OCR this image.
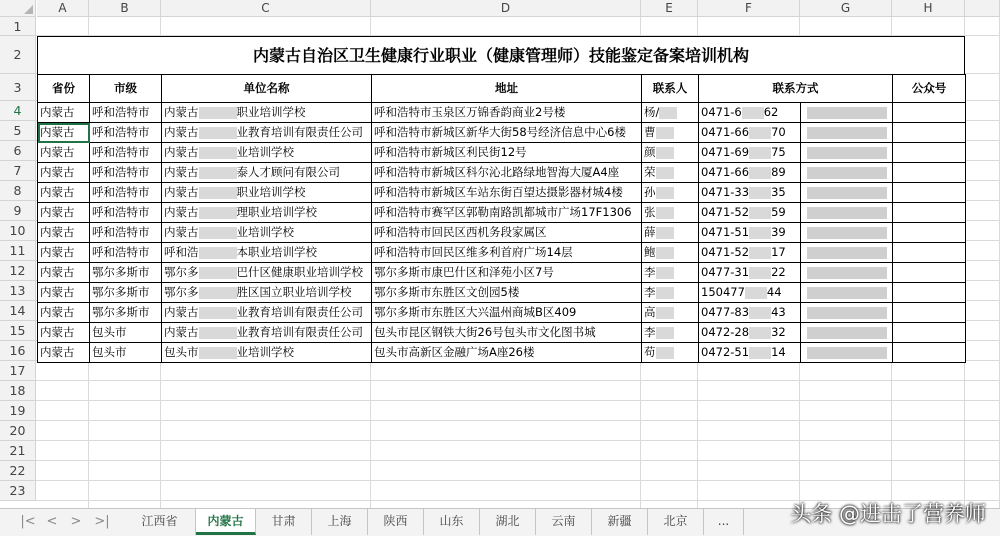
A	B	C	D	E	F	G	H
1
2
3
4
5
6
7
8
9
10
11
12
13
14
15
16
17
18
19
20
21
22
23
内蒙古自治区卫生健康行业职业（健康管理师）技能鉴定备案培训机构
省份	市级	单位名称	地址	联系人	联系方式		公众号
内蒙古	呼和浩特市	内蒙古 职业培训学校	呼和浩特市玉泉区万锦香韵商业2号楼	杨/	0471-6 62		
内蒙古	呼和浩特市	内蒙古 业教育培训有限责任公司	呼和浩特市新城区新华大街58号经济信息中心6楼	曹	0471-66 70		
内蒙古	呼和浩特市	内蒙古 业培训学校	呼和浩特市新城区利民街12号	颜	0471-69 75		
内蒙古	呼和浩特市	内蒙古 泰人才顾问有限公司	呼和浩特市新城区科尔沁北路绿地智海大厦A4座	荣	0471-66 89		
内蒙古	呼和浩特市	内蒙古 职业培训学校	呼和浩特市新城区车站东街百望达摄影器材城4楼	孙	0471-33 35		
内蒙古	呼和浩特市	内蒙古 理职业培训学校	呼和浩特市赛罕区郭勒南路凯都城市广场17F1306	张	0471-52 59		
内蒙古	呼和浩特市	内蒙古 业培训学校	呼和浩特市回民区西机务段家属区	薛	0471-51 39		
内蒙古	呼和浩特市	呼和浩 本职业培训学校	呼和浩特市回民区维多利首府广场14层	鲍	0471-52 17		
内蒙古	鄂尔多斯市	鄂尔多 巴什区健康职业培训学校	鄂尔多斯市康巴什区和泽苑小区7号	李	0477-31 22		
内蒙古	鄂尔多斯市	鄂尔多 胜区国立职业培训学校	鄂尔多斯市东胜区文创园5楼	李	150477 44		
内蒙古	鄂尔多斯市	内蒙古 业教育培训有限责任公司	鄂尔多斯市东胜区大兴温州商城B区409	高	0477-83 43		
内蒙古	包头市	内蒙古 业教育培训有限责任公司	包头市昆区钢铁大街26号包头市文化图书城	李	0472-28 32		
内蒙古	包头市	包头市 业培训学校	包头市高新区金融广场A座26楼	苟	0472-51 14		
|< <	> >|	江西省	内蒙古	甘肃	上海	陕西	山东	湖北	云南	新疆	北京	...	头条 @进击了营养师
